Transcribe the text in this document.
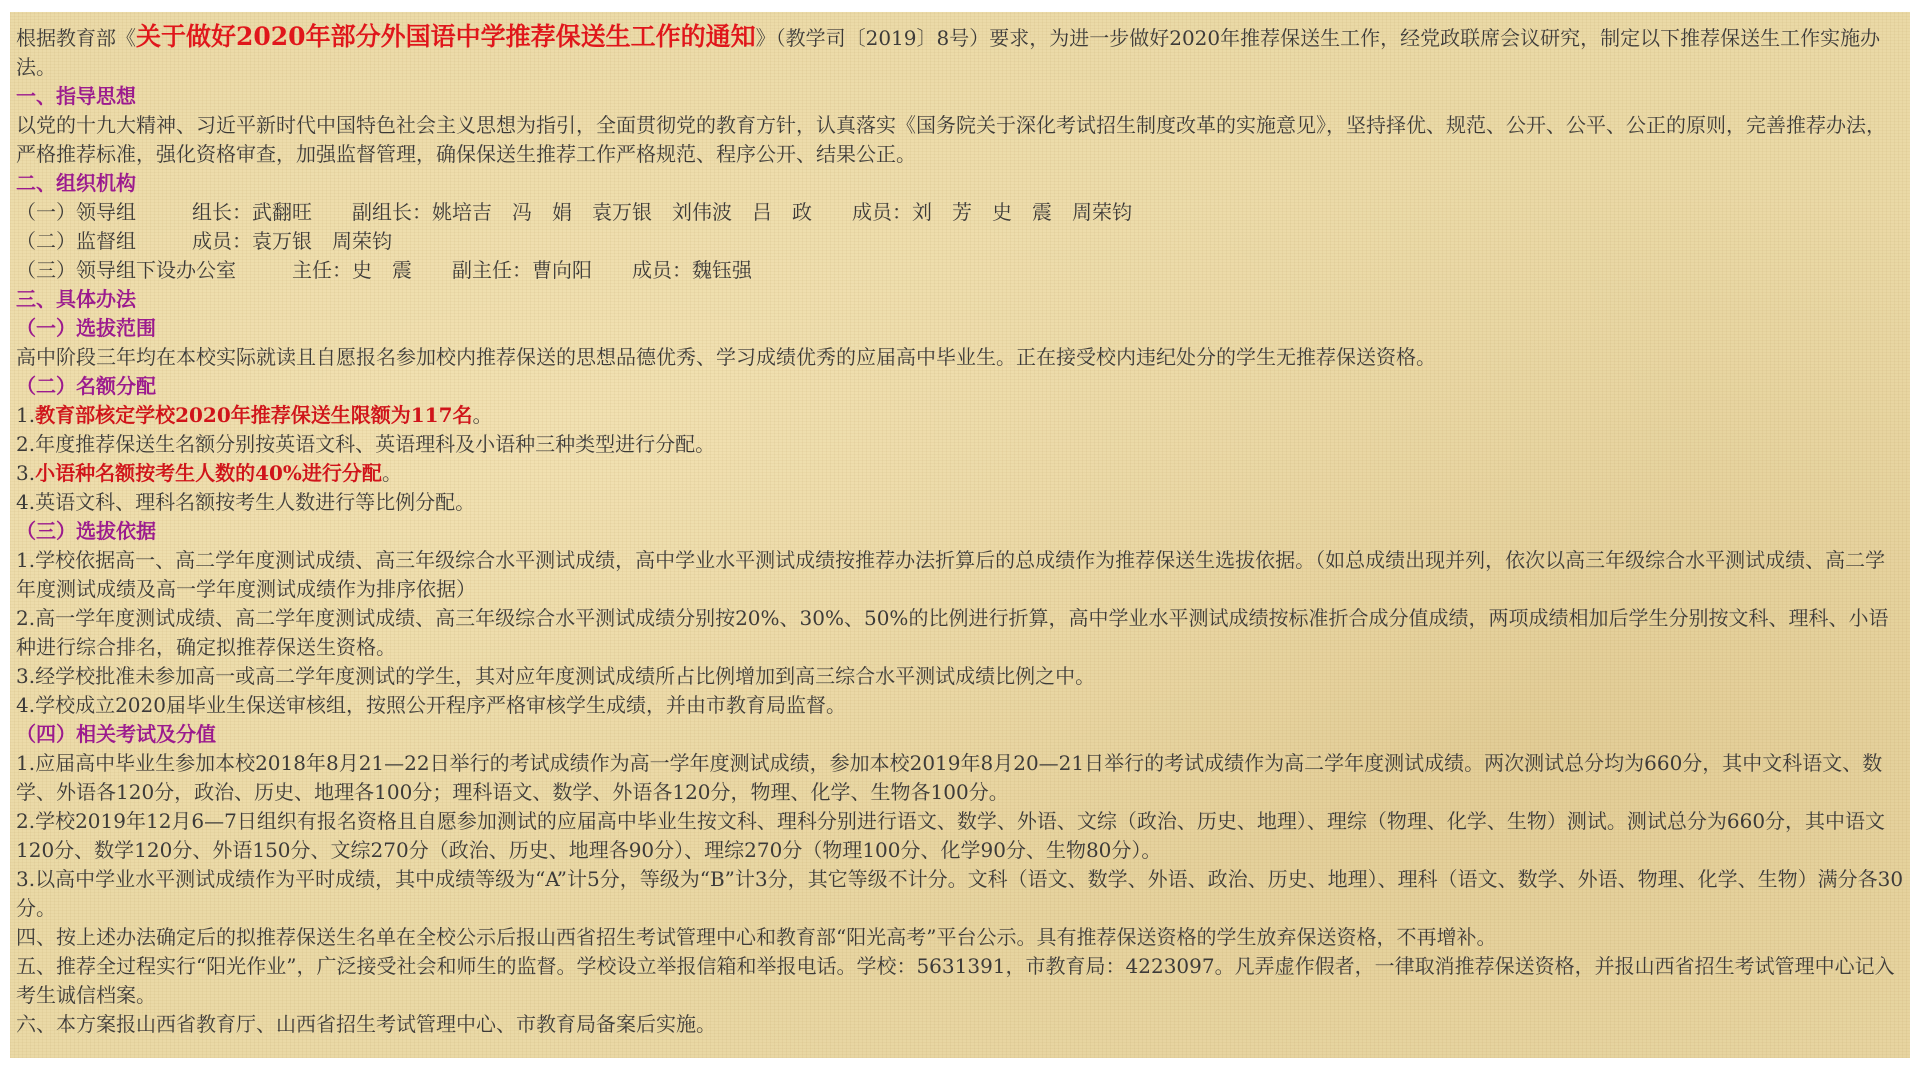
根据教育部《关于做好2020年部分外国语中学推荐保送生工作的通知》（教学司〔2019〕8号）要求，为进一步做好2020年推荐保送生工作，经党政联席会议研究，制定以下推荐保送生工作实施办法。

一、指导思想

以党的十九大精神、习近平新时代中国特色社会主义思想为指引，全面贯彻党的教育方针，认真落实《国务院关于深化考试招生制度改革的实施意见》，坚持择优、规范、公开、公平、公正的原则，完善推荐办法，严格推荐标准，强化资格审查，加强监督管理，确保保送生推荐工作严格规范、程序公开、结果公正。

二、组织机构

（一）领导组	组长：武翻旺 副组长：姚培吉　冯　娟　袁万银　刘伟波　吕　政 成员：刘　芳　史　震　周荣钧

（二）监督组	成员：袁万银　周荣钧

（三）领导组下设办公室	主任：史　震 副主任：曹向阳 成员：魏钰强

三、具体办法

（一）选拔范围

高中阶段三年均在本校实际就读且自愿报名参加校内推荐保送的思想品德优秀、学习成绩优秀的应届高中毕业生。正在接受校内违纪处分的学生无推荐保送资格。

（二）名额分配

1.教育部核定学校2020年推荐保送生限额为117名。

2.年度推荐保送生名额分别按英语文科、英语理科及小语种三种类型进行分配。

3.小语种名额按考生人数的40%进行分配。

4.英语文科、理科名额按考生人数进行等比例分配。

（三）选拔依据

1.学校依据高一、高二学年度测试成绩、高三年级综合水平测试成绩，高中学业水平测试成绩按推荐办法折算后的总成绩作为推荐保送生选拔依据。（如总成绩出现并列，依次以高三年级综合水平测试成绩、高二学年度测试成绩及高一学年度测试成绩作为排序依据）

2.高一学年度测试成绩、高二学年度测试成绩、高三年级综合水平测试成绩分别按20%、30%、50%的比例进行折算，高中学业水平测试成绩按标准折合成分值成绩，两项成绩相加后学生分别按文科、理科、小语种进行综合排名，确定拟推荐保送生资格。

3.经学校批准未参加高一或高二学年度测试的学生，其对应年度测试成绩所占比例增加到高三综合水平测试成绩比例之中。

4.学校成立2020届毕业生保送审核组，按照公开程序严格审核学生成绩，并由市教育局监督。

（四）相关考试及分值

1.应届高中毕业生参加本校2018年8月21—22日举行的考试成绩作为高一学年度测试成绩，参加本校2019年8月20—21日举行的考试成绩作为高二学年度测试成绩。两次测试总分均为660分，其中文科语文、数学、外语各120分，政治、历史、地理各100分；理科语文、数学、外语各120分，物理、化学、生物各100分。

2.学校2019年12月6—7日组织有报名资格且自愿参加测试的应届高中毕业生按文科、理科分别进行语文、数学、外语、文综（政治、历史、地理）、理综（物理、化学、生物）测试。测试总分为660分，其中语文120分、数学120分、外语150分、文综270分（政治、历史、地理各90分）、理综270分（物理100分、化学90分、生物80分）。

3.以高中学业水平测试成绩作为平时成绩，其中成绩等级为“A”计5分，等级为“B”计3分，其它等级不计分。文科（语文、数学、外语、政治、历史、地理）、理科（语文、数学、外语、物理、化学、生物）满分各30分。

四、按上述办法确定后的拟推荐保送生名单在全校公示后报山西省招生考试管理中心和教育部“阳光高考”平台公示。具有推荐保送资格的学生放弃保送资格，不再增补。

五、推荐全过程实行“阳光作业”，广泛接受社会和师生的监督。学校设立举报信箱和举报电话。学校：5631391，市教育局：4223097。凡弄虚作假者，一律取消推荐保送资格，并报山西省招生考试管理中心记入考生诚信档案。

六、本方案报山西省教育厅、山西省招生考试管理中心、市教育局备案后实施。
